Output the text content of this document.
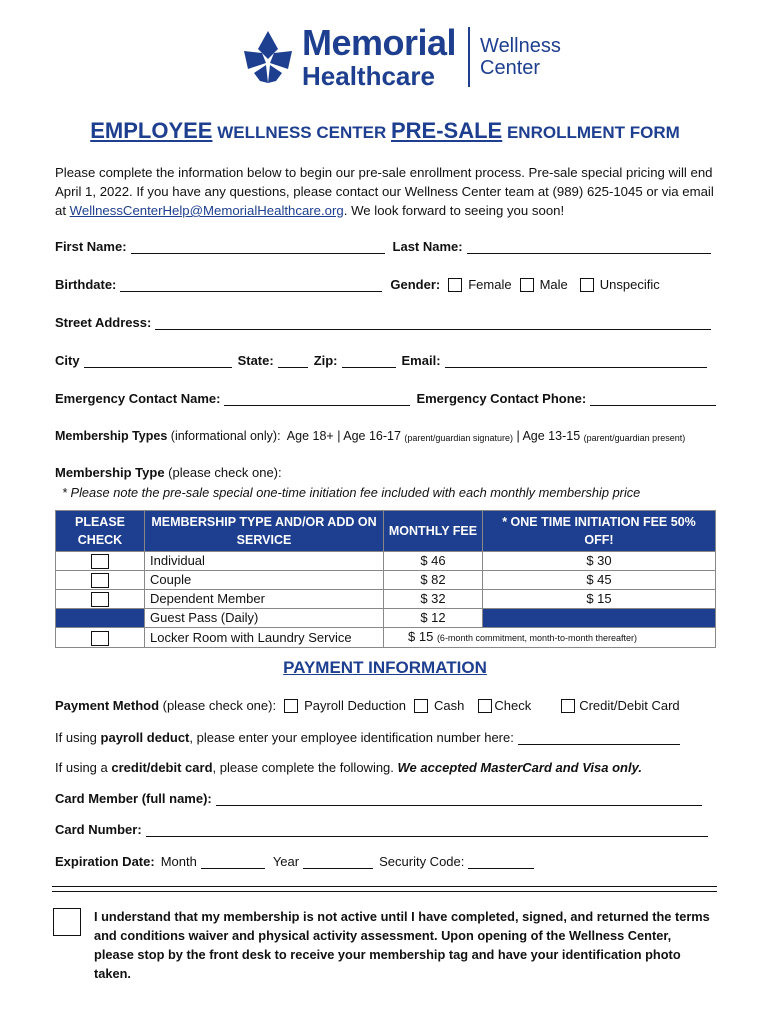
Memorial
Healthcare
Wellness
Center
EMPLOYEE WELLNESS CENTER PRE-SALE ENROLLMENT FORM
Please complete the information below to begin our pre-sale enrollment process. Pre-sale special pricing will end April 1, 2022. If you have any questions, please contact our Wellness Center team at (989) 625-1045 or via email at WellnessCenterHelp@MemorialHealthcare.org. We look forward to seeing you soon!
First Name:	Last Name:
Birthdate:	Gender: Female Male Unspecific
Street Address:
City	State:	Zip:	Email:
Emergency Contact Name:	Emergency Contact Phone:
Membership Types (informational only):  Age 18+ | Age 16-17 (parent/guardian signature) | Age 13-15 (parent/guardian present)
Membership Type (please check one):
* Please note the pre-sale special one-time initiation fee included with each monthly membership price
PLEASE CHECK	MEMBERSHIP TYPE AND/OR ADD ON SERVICE	MONTHLY FEE	* ONE TIME INITIATION FEE 50% OFF!
	Individual	$ 46	$ 30
	Couple	$ 82	$ 45
	Dependent Member	$ 32	$ 15
	Guest Pass (Daily)	$ 12	
	Locker Room with Laundry Service	$ 15 (6-month commitment, month-to-month thereafter)	
PAYMENT INFORMATION
Payment Method (please check one): Payroll Deduction Cash Check	Credit/Debit Card
If using payroll deduct , please enter your employee identification number here:
If using a credit/debit card , please complete the following. We accepted MasterCard and Visa only.
Card Member (full name):
Card Number:
Expiration Date: Month	Year	Security Code:
I understand that my membership is not active until I have completed, signed, and returned the terms and conditions waiver and physical activity assessment. Upon opening of the Wellness Center, please stop by the front desk to receive your membership tag and have your identification photo taken.
